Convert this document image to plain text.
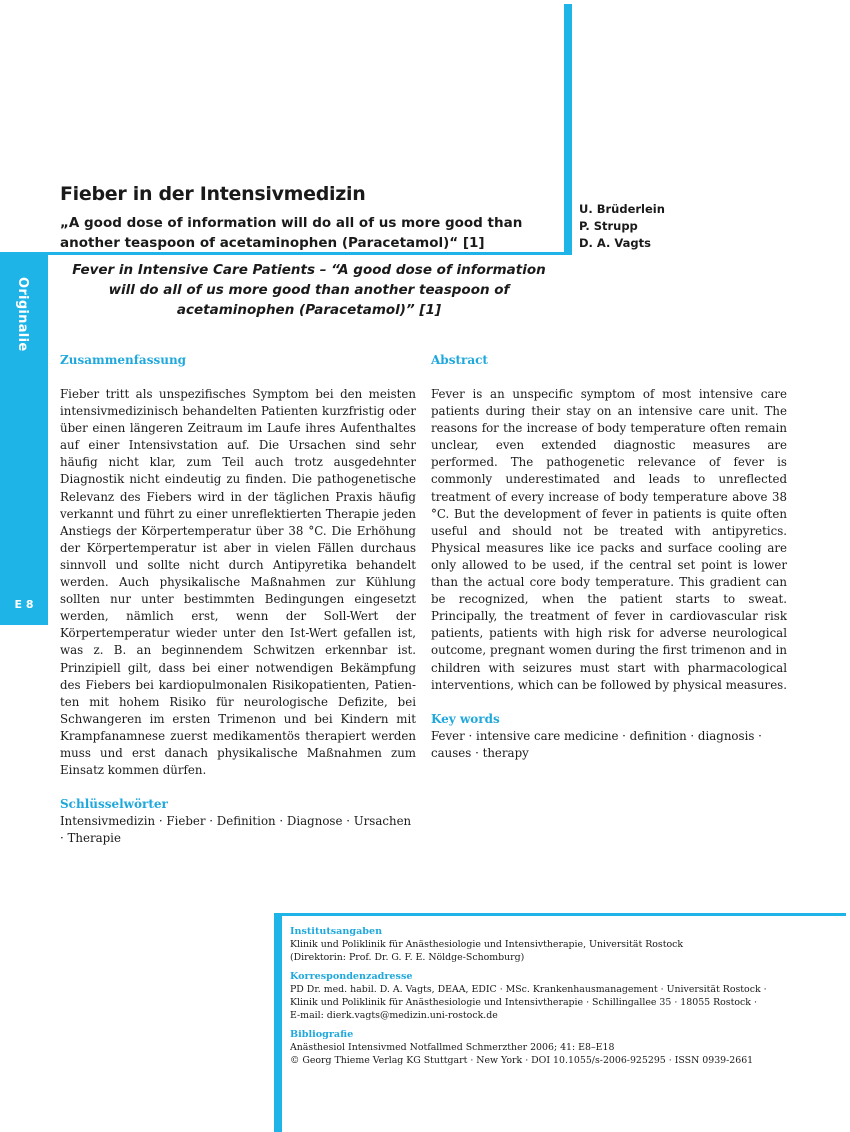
Originalie
E 8
Fieber in der Intensivmedizin
„A good dose of information will do all of us more good than another teaspoon of acetaminophen (Paracetamol)“ [1]
U. Brüderlein
P. Strupp
D. A. Vagts
Fever in Intensive Care Patients – “A good dose of information will do all of us more good than another teaspoon of acetaminophen (Paracetamol)” [1]
Zusammenfassung

Fieber tritt als unspezifisches Symptom bei den meisten intensivmedizinisch behandelten Patienten kurzfristig oder über einen längeren Zeitraum im Laufe ihres Aufenthaltes auf einer Intensivstation auf. Die Ursachen sind sehr häufig nicht klar, zum Teil auch trotz ausgedehnter Diagnostik nicht eindeutig zu finden. Die pathogenetische Relevanz des Fiebers wird in der täglichen Praxis häufig verkannt und führt zu einer unreflektierten Therapie jeden Anstiegs der Körpertemperatur über 38 °C. Die Erhöhung der Körpertemperatur ist aber in vielen Fällen durchaus sinnvoll und sollte nicht durch Antipyretika behandelt werden. Auch physikalische Maßnahmen zur Kühlung sollten nur unter bestimmten Bedingungen eingesetzt werden, nämlich erst, wenn der Soll-Wert der Körpertemperatur wieder unter den Ist-Wert gefallen ist, was z. B. an beginnendem Schwitzen erkennbar ist. Prinzipiell gilt, dass bei einer notwendigen Bekämpfung des Fiebers bei kardiopulmonalen Risikopatienten, Patienten mit hohem Risiko für neurologische Defizite, bei Schwangeren im ersten Trimenon und bei Kindern mit Krampfanamnese zuerst medikamentös therapiert werden muss und erst danach physikalische Maßnahmen zum Einsatz kommen dürfen.

Schlüsselwörter

Intensivmedizin · Fieber · Definition · Diagnose · Ursachen · Therapie

Abstract

Fever is an unspecific symptom of most intensive care patients during their stay on an intensive care unit. The reasons for the increase of body temperature often remain unclear, even extended diagnostic measures are performed. The pathogenetic relevance of fever is commonly underestimated and leads to unreflected treatment of every increase of body temperature above 38 °C. But the development of fever in patients is quite often useful and should not be treated with antipyretics. Physical measures like ice packs and surface cooling are only allowed to be used, if the central set point is lower than the actual core body temperature. This gradient can be recognized, when the patient starts to sweat. Principally, the treatment of fever in cardiovascular risk patients, patients with high risk for adverse neurological outcome, pregnant women during the first trimenon and in children with seizures must start with pharmacological interventions, which can be followed by physical measures.

Key words

Fever · intensive care medicine · definition · diagnosis · causes · therapy

Institutsangaben
Klinik und Poliklinik für Anästhesiologie und Intensivtherapie, Universität Rostock
(Direktorin: Prof. Dr. G. F. E. Nöldge-Schomburg)
Korrespondenzadresse
PD Dr. med. habil. D. A. Vagts, DEAA, EDIC · MSc. Krankenhausmanagement · Universität Rostock ·
Klinik und Poliklinik für Anästhesiologie und Intensivtherapie · Schillingallee 35 · 18055 Rostock ·
E-mail: dierk.vagts@medizin.uni-rostock.de
Bibliografie
Anästhesiol Intensivmed Notfallmed Schmerzther 2006; 41: E8–E18
© Georg Thieme Verlag KG Stuttgart · New York · DOI 10.1055/s-2006-925295 · ISSN 0939-2661
